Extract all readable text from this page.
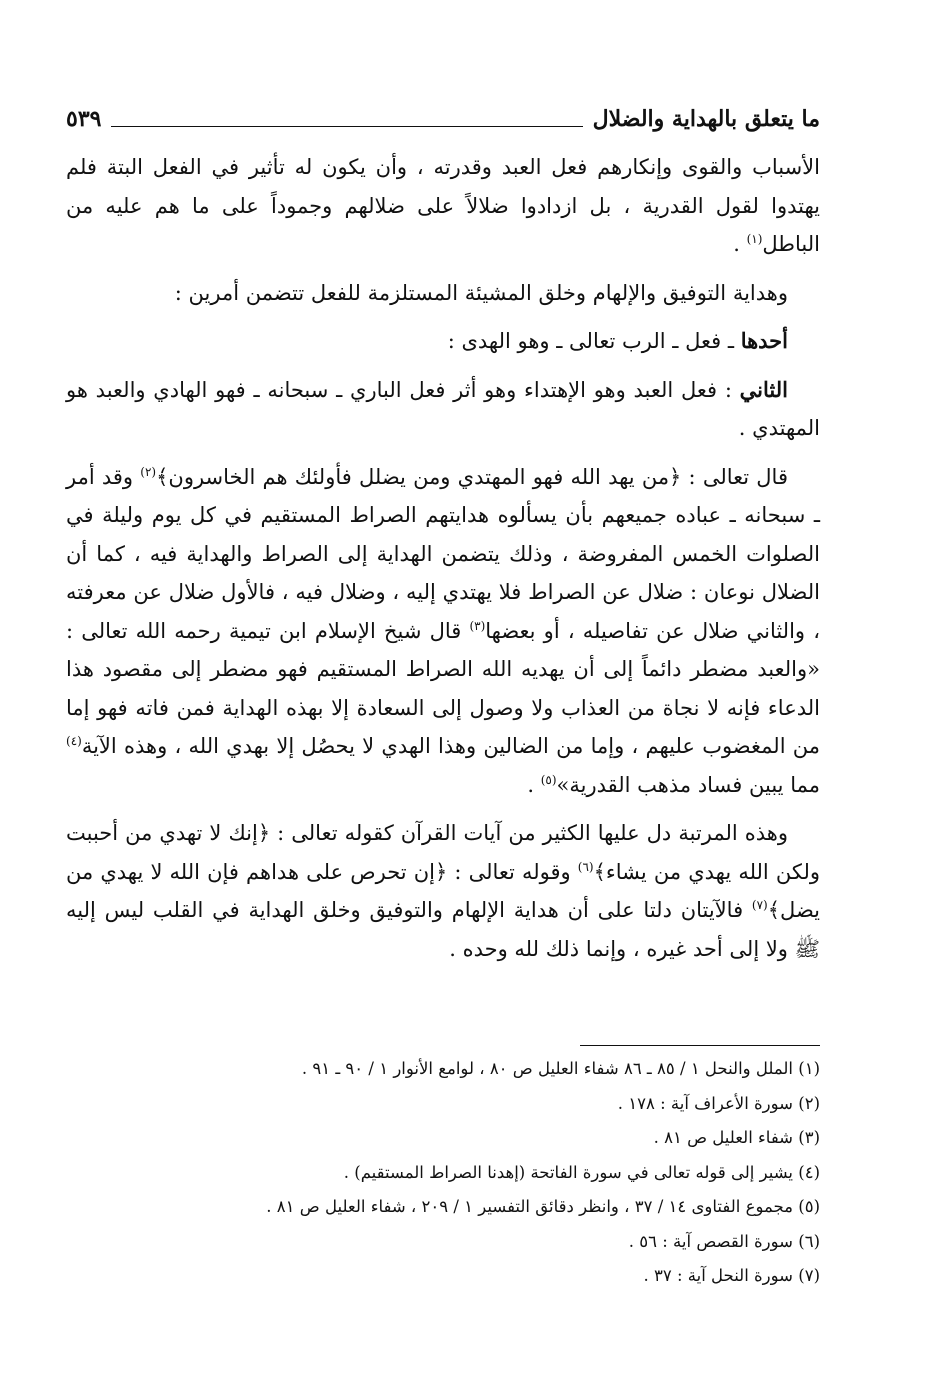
ما يتعلق بالهداية والضلال
٥٣٩

الأسباب والقوى وإنكارهم فعل العبد وقدرته ، وأن يكون له تأثير في الفعل البتة فلم يهتدوا لقول القدرية ، بل ازدادوا ضلالاً على ضلالهم وجموداً على ما هم عليه من الباطل$^{(١)}$ .

وهداية التوفيق والإلهام وخلق المشيئة المستلزمة للفعل تتضمن أمرين :

أحدها ـ فعل ـ الرب تعالى ـ وهو الهدى :

الثاني : فعل العبد وهو الإهتداء وهو أثر فعل الباري ـ سبحانه ـ فهو الهادي والعبد هو المهتدي .

قال تعالى : ﴿من يهد الله فهو المهتدي ومن يضلل فأولئك هم الخاسرون﴾$^{(٢)}$ وقد أمر ـ سبحانه ـ عباده جميعهم بأن يسألوه هدايتهم الصراط المستقيم في كل يوم وليلة في الصلوات الخمس المفروضة ، وذلك يتضمن الهداية إلى الصراط والهداية فيه ، كما أن الضلال نوعان : ضلال عن الصراط فلا يهتدي إليه ، وضلال فيه ، فالأول ضلال عن معرفته ، والثاني ضلال عن تفاصيله ، أو بعضها$^{(٣)}$ قال شيخ الإسلام ابن تيمية رحمه الله تعالى : «والعبد مضطر دائماً إلى أن يهديه الله الصراط المستقيم فهو مضطر إلى مقصود هذا الدعاء فإنه لا نجاة من العذاب ولا وصول إلى السعادة إلا بهذه الهداية فمن فاته فهو إما من المغضوب عليهم ، وإما من الضالين وهذا الهدي لا يحصُل إلا بهدي الله ، وهذه الآية$^{(٤)}$ مما يبين فساد مذهب القدرية»$^{(٥)}$ .

وهذه المرتبة دل عليها الكثير من آيات القرآن كقوله تعالى : ﴿إنك لا تهدي من أحببت ولكن الله يهدي من يشاء﴾$^{(٦)}$ وقوله تعالى : ﴿إن تحرص على هداهم فإن الله لا يهدي من يضل﴾$^{(٧)}$ فالآيتان دلتا على أن هداية الإلهام والتوفيق وخلق الهداية في القلب ليس إليه ﷺ ولا إلى أحد غيره ، وإنما ذلك لله وحده .

(١) الملل والنحل ١ / ٨٥ ـ ٨٦ شفاء العليل ص ٨٠ ، لوامع الأنوار ١ / ٩٠ ـ ٩١ .
(٢) سورة الأعراف آية : ١٧٨ .
(٣) شفاء العليل ص ٨١ .
(٤) يشير إلى قوله تعالى في سورة الفاتحة (إهدنا الصراط المستقيم) .
(٥) مجموع الفتاوى ١٤ / ٣٧ ، وانظر دقائق التفسير ١ / ٢٠٩ ، شفاء العليل ص ٨١ .
(٦) سورة القصص آية : ٥٦ .
(٧) سورة النحل آية : ٣٧ .
